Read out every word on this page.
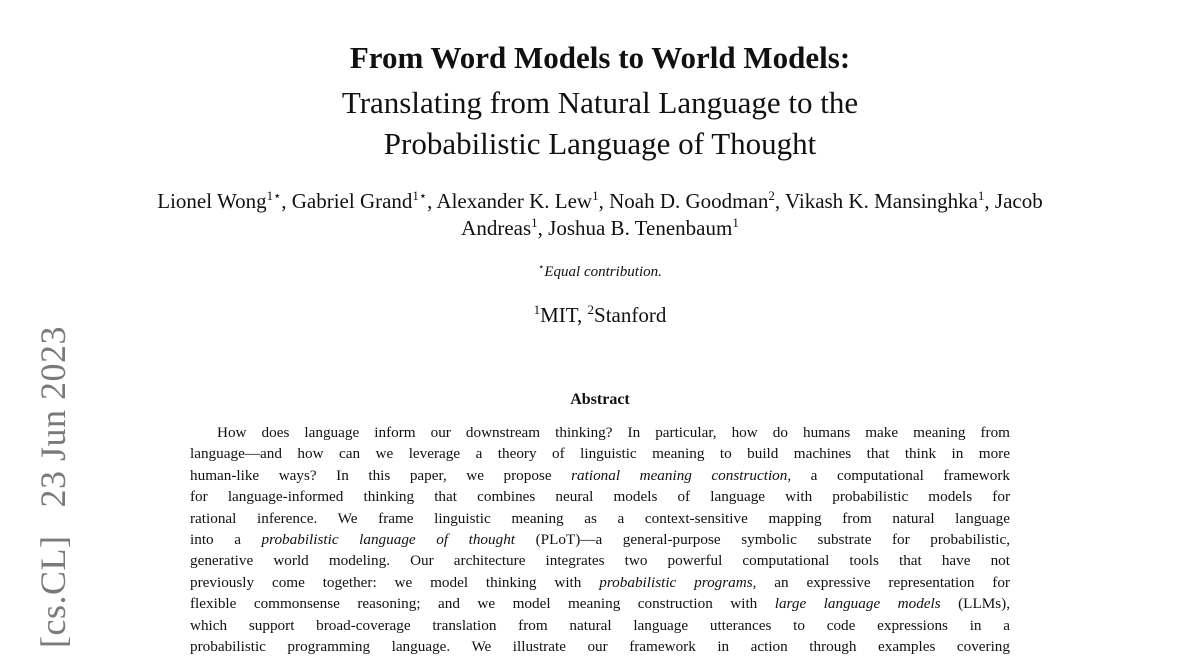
[cs.CL]23 Jun 2023
From Word Models to World Models:
Translating from Natural Language to the
Probabilistic Language of Thought
Lionel Wong$^{1⋆}$, Gabriel Grand$^{1⋆}$, Alexander K. Lew$^1$, Noah D. Goodman$^2$, Vikash K. Mansinghka$^1$, Jacob Andreas$^1$, Joshua B. Tenenbaum$^1$
⋆Equal contribution.
$^1$MIT, $^2$Stanford
Abstract
How does language inform our downstream thinking? In particular, how do humans make meaning from
language—and how can we leverage a theory of linguistic meaning to build machines that think in more
human-like ways? In this paper, we propose rational meaning construction, a computational framework
for language-informed thinking that combines neural models of language with probabilistic models for
rational inference. We frame linguistic meaning as a context-sensitive mapping from natural language
into a probabilistic language of thought (PLoT)—a general-purpose symbolic substrate for probabilistic,
generative world modeling. Our architecture integrates two powerful computational tools that have not
previously come together: we model thinking with probabilistic programs, an expressive representation for
flexible commonsense reasoning; and we model meaning construction with large language models (LLMs),
which support broad-coverage translation from natural language utterances to code expressions in a
probabilistic programming language. We illustrate our framework in action through examples covering
